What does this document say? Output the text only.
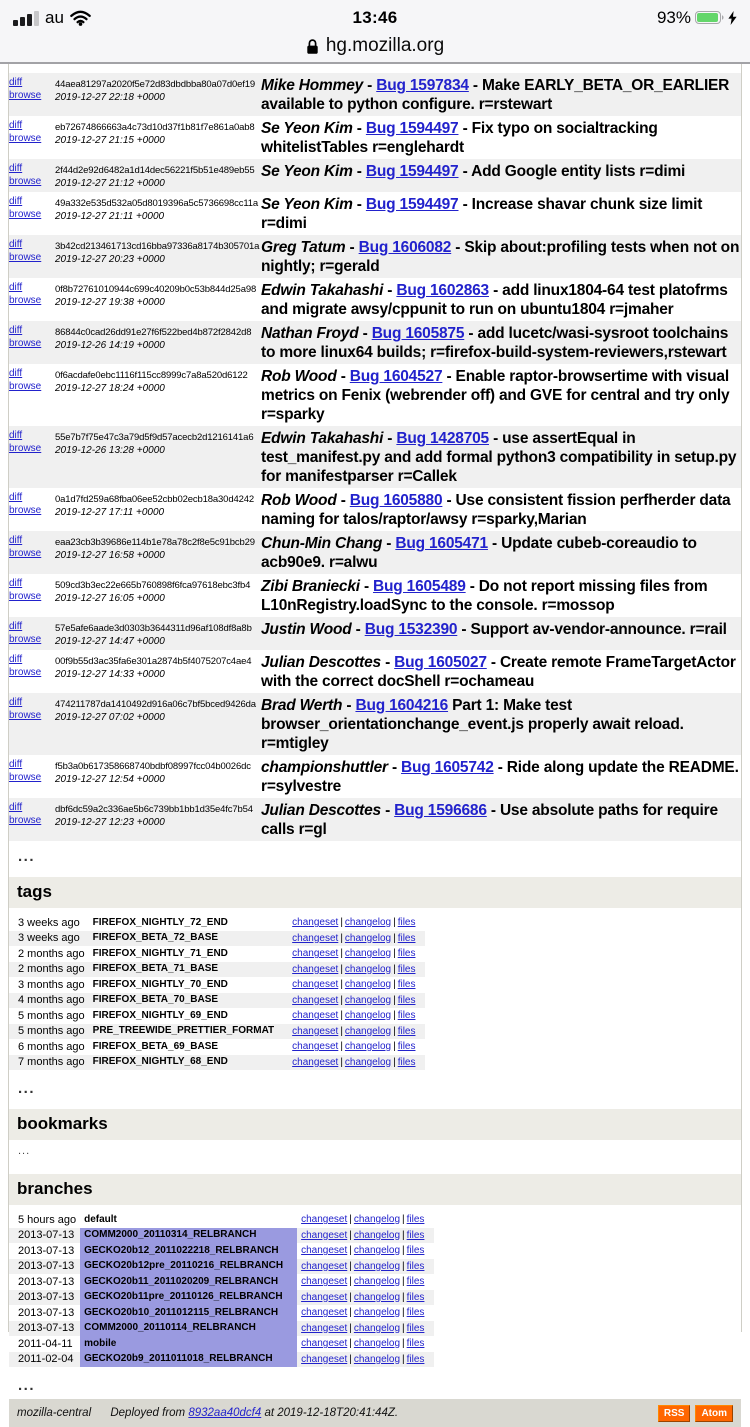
au	13:46	93%
hg.mozilla.org
diff
browse

44aea81297a2020f5e72d83dbdbba80a07d0ef19
2019-12-27 22:18 +0000
	Mike Hommey - Bug 1597834 - Make EARLY_BETA_OR_EARLIER available to python configure. r=rstewart

diff
browse

eb72674866663a4c73d10d37f1b81f7e861a0ab8
2019-12-27 21:15 +0000
	Se Yeon Kim - Bug 1594497 - Fix typo on socialtracking whitelistTables r=englehardt

diff
browse

2f44d2e92d6482a1d14dec56221f5b51e489eb55
2019-12-27 21:12 +0000
	Se Yeon Kim - Bug 1594497 - Add Google entity lists r=dimi

diff
browse

49a332e535d532a05d8019396a5c5736698cc11a
2019-12-27 21:11 +0000
	Se Yeon Kim - Bug 1594497 - Increase shavar chunk size limit r=dimi

diff
browse

3b42cd213461713cd16bba97336a8174b305701a
2019-12-27 20:23 +0000
	Greg Tatum - Bug 1606082 - Skip about:profiling tests when not on nightly; r=gerald

diff
browse

0f8b72761010944c699c40209b0c53b844d25a98
2019-12-27 19:38 +0000
	Edwin Takahashi - Bug 1602863 - add linux1804-64 test platofrms and migrate awsy/cppunit to run on ubuntu1804 r=jmaher

diff
browse

86844c0cad26dd91e27f6f522bed4b872f2842d8
2019-12-26 14:19 +0000
	Nathan Froyd - Bug 1605875 - add lucetc/wasi-sysroot toolchains to more linux64 builds; r=firefox-build-system-reviewers,rstewart

diff
browse

0f6acdafe0ebc1116f115cc8999c7a8a520d6122
2019-12-27 18:24 +0000
	Rob Wood - Bug 1604527 - Enable raptor-browsertime with visual metrics on Fenix (webrender off) and GVE for central and try only r=sparky

diff
browse

55e7b7f75e47c3a79d5f9d57acecb2d1216141a6
2019-12-26 13:28 +0000
	Edwin Takahashi - Bug 1428705 - use assertEqual in test_manifest.py and add formal python3 compatibility in setup.py for manifestparser r=Callek

diff
browse

0a1d7fd259a68fba06ee52cbb02ecb18a30d4242
2019-12-27 17:11 +0000
	Rob Wood - Bug 1605880 - Use consistent fission perfherder data naming for talos/raptor/awsy r=sparky,Marian

diff
browse

eaa23cb3b39686e114b1e78a78c2f8e5c91bcb29
2019-12-27 16:58 +0000
	Chun-Min Chang - Bug 1605471 - Update cubeb-coreaudio to acb90e9. r=alwu

diff
browse

509cd3b3ec22e665b760898f6fca97618ebc3fb4
2019-12-27 16:05 +0000
	Zibi Braniecki - Bug 1605489 - Do not report missing files from L10nRegistry.loadSync to the console. r=mossop

diff
browse

57e5afe6aade3d0303b3644311d96af108df8a8b
2019-12-27 14:47 +0000
	Justin Wood - Bug 1532390 - Support av-vendor-announce. r=rail

diff
browse

00f9b55d3ac35fa6e301a2874b5f4075207c4ae4
2019-12-27 14:33 +0000
	Julian Descottes - Bug 1605027 - Create remote FrameTargetActor with the correct docShell r=ochameau

diff
browse

474211787da1410492d916a06c7bf5bced9426da
2019-12-27 07:02 +0000
	Brad Werth - Bug 1604216 Part 1: Make test browser_orientationchange_event.js properly await reload. r=mtigley

diff
browse

f5b3a0b617358668740bdbf08997fcc04b0026dc
2019-12-27 12:54 +0000
	championshuttler - Bug 1605742 - Ride along update the README. r=sylvestre

diff
browse

dbf6dc59a2c336ae5b6c739bb1bb1d35e4fc7b54
2019-12-27 12:23 +0000
	Julian Descottes - Bug 1596686 - Use absolute paths for require calls r=gl
...
tags
3 weeks ago	FIREFOX_NIGHTLY_72_END	changeset | changelog | files
3 weeks ago	FIREFOX_BETA_72_BASE	changeset | changelog | files
2 months ago	FIREFOX_NIGHTLY_71_END	changeset | changelog | files
2 months ago	FIREFOX_BETA_71_BASE	changeset | changelog | files
3 months ago	FIREFOX_NIGHTLY_70_END	changeset | changelog | files
4 months ago	FIREFOX_BETA_70_BASE	changeset | changelog | files
5 months ago	FIREFOX_NIGHTLY_69_END	changeset | changelog | files
5 months ago	PRE_TREEWIDE_PRETTIER_FORMAT	changeset | changelog | files
6 months ago	FIREFOX_BETA_69_BASE	changeset | changelog | files
7 months ago	FIREFOX_NIGHTLY_68_END	changeset | changelog | files
...
bookmarks
...
branches
5 hours ago	default	changeset | changelog | files
2013-07-13	COMM2000_20110314_RELBRANCH	changeset | changelog | files
2013-07-13	GECKO20b12_2011022218_RELBRANCH	changeset | changelog | files
2013-07-13	GECKO20b12pre_20110216_RELBRANCH	changeset | changelog | files
2013-07-13	GECKO20b11_2011020209_RELBRANCH	changeset | changelog | files
2013-07-13	GECKO20b11pre_20110126_RELBRANCH	changeset | changelog | files
2013-07-13	GECKO20b10_2011012115_RELBRANCH	changeset | changelog | files
2013-07-13	COMM2000_20110114_RELBRANCH	changeset | changelog | files
2011-04-11	mobile	changeset | changelog | files
2011-02-04	GECKO20b9_2011011018_RELBRANCH	changeset | changelog | files
...
mozilla-central Deployed from 8932aa40dcf4 at 2019-12-18T20:41:44Z.	RSS	Atom
